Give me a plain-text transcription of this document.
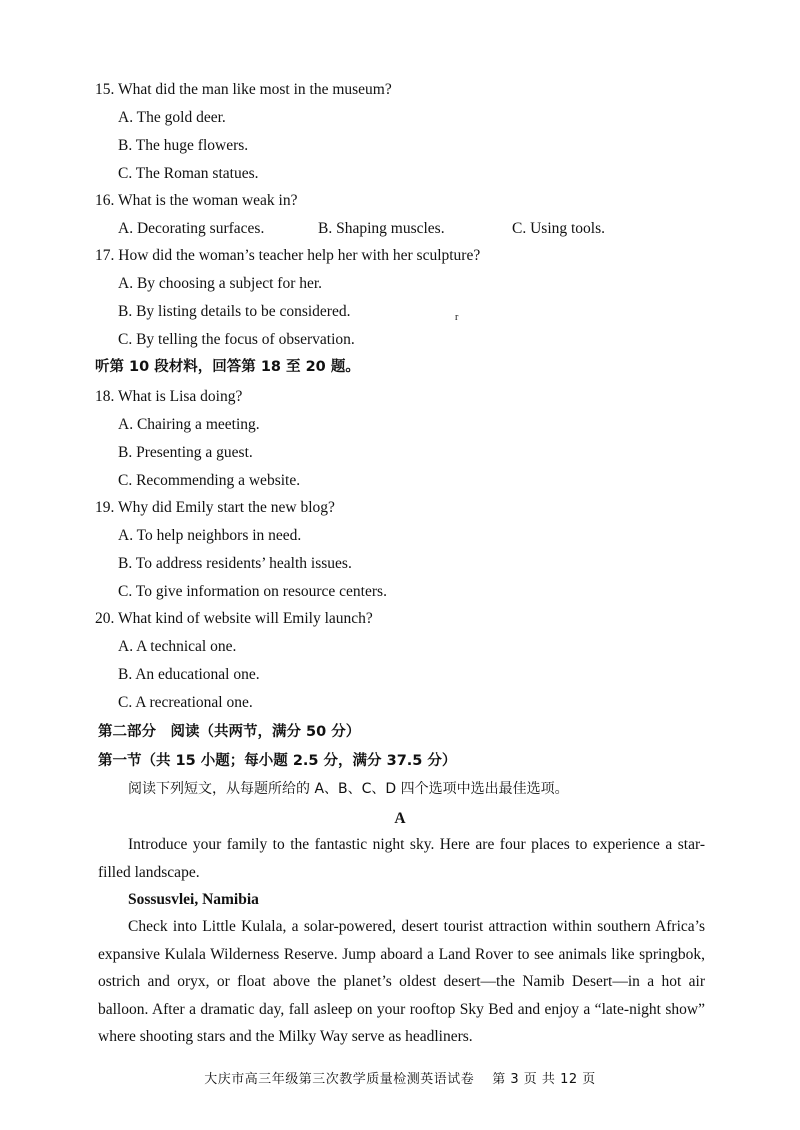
15. What did the man like most in the museum?
A. The gold deer.
B. The huge flowers.
C. The Roman statues.
16. What is the woman weak in?
A. Decorating surfaces.	B. Shaping muscles.	C. Using tools.
17. How did the woman’s teacher help her with her sculpture?
A. By choosing a subject for her.
B. By listing details to be considered.	r
C. By telling the focus of observation.
听第 10 段材料，回答第 18 至 20 题。
18. What is Lisa doing?
A. Chairing a meeting.
B. Presenting a guest.
C. Recommending a website.
19. Why did Emily start the new blog?
A. To help neighbors in need.
B. To address residents’ health issues.
C. To give information on resource centers.
20. What kind of website will Emily launch?
A. A technical one.
B. An educational one.
C. A recreational one.
第二部分　阅读（共两节，满分 50 分）
第一节（共 15 小题；每小题 2.5 分，满分 37.5 分）
阅读下列短文，从每题所给的 A、B、C、D 四个选项中选出最佳选项。
A
Introduce your family to the fantastic night sky. Here are four places to experience a star-filled landscape.
Sossusvlei, Namibia
Check into Little Kulala, a solar-powered, desert tourist attraction within southern Africa’s expansive Kulala Wilderness Reserve. Jump aboard a Land Rover to see animals like springbok, ostrich and oryx, or float above the planet’s oldest desert—the Namib Desert—in a hot air balloon. After a dramatic day, fall asleep on your rooftop Sky Bed and enjoy a “late-night show” where shooting stars and the Milky Way serve as headliners.
大庆市高三年级第三次教学质量检测英语试卷 第 3 页 共 12 页
